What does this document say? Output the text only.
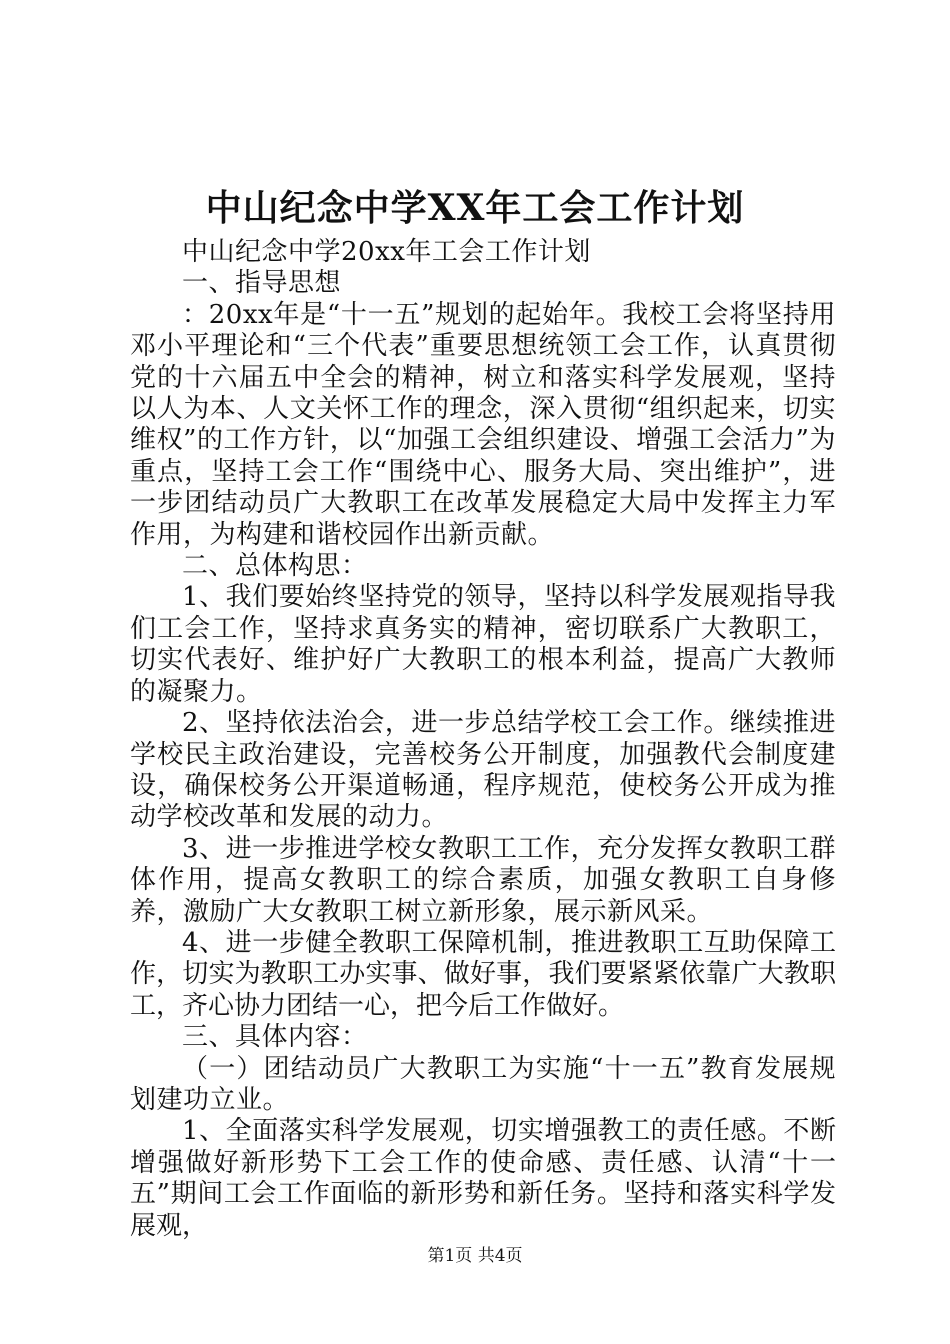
中山纪念中学XX年工会工作计划

中山纪念中学20xx年工会工作计划

一、指导思想

：20xx年是“十一五”规划的起始年。我校工会将坚持用邓小平理论和“三个代表”重要思想统领工会工作，认真贯彻党的十六届五中全会的精神，树立和落实科学发展观，坚持以人为本、人文关怀工作的理念，深入贯彻“组织起来，切实维权”的工作方针，以“加强工会组织建设、增强工会活力”为重点，坚持工会工作“围绕中心、服务大局、突出维护”，进一步团结动员广大教职工在改革发展稳定大局中发挥主力军作用，为构建和谐校园作出新贡献。

二、总体构思：

1、我们要始终坚持党的领导，坚持以科学发展观指导我们工会工作，坚持求真务实的精神，密切联系广大教职工，切实代表好、维护好广大教职工的根本利益，提高广大教师的凝聚力。

2、坚持依法治会，进一步总结学校工会工作。继续推进学校民主政治建设，完善校务公开制度，加强教代会制度建设，确保校务公开渠道畅通，程序规范，使校务公开成为推动学校改革和发展的动力。

3、进一步推进学校女教职工工作，充分发挥女教职工群体作用，提高女教职工的综合素质，加强女教职工自身修养，激励广大女教职工树立新形象，展示新风采。

4、进一步健全教职工保障机制，推进教职工互助保障工作，切实为教职工办实事、做好事，我们要紧紧依靠广大教职工，齐心协力团结一心，把今后工作做好。

三、具体内容：

（一）团结动员广大教职工为实施“十一五”教育发展规划建功立业。

1、全面落实科学发展观，切实增强教工的责任感。不断增强做好新形势下工会工作的使命感、责任感、认清“十一五”期间工会工作面临的新形势和新任务。坚持和落实科学发展观，

第1页 共4页
